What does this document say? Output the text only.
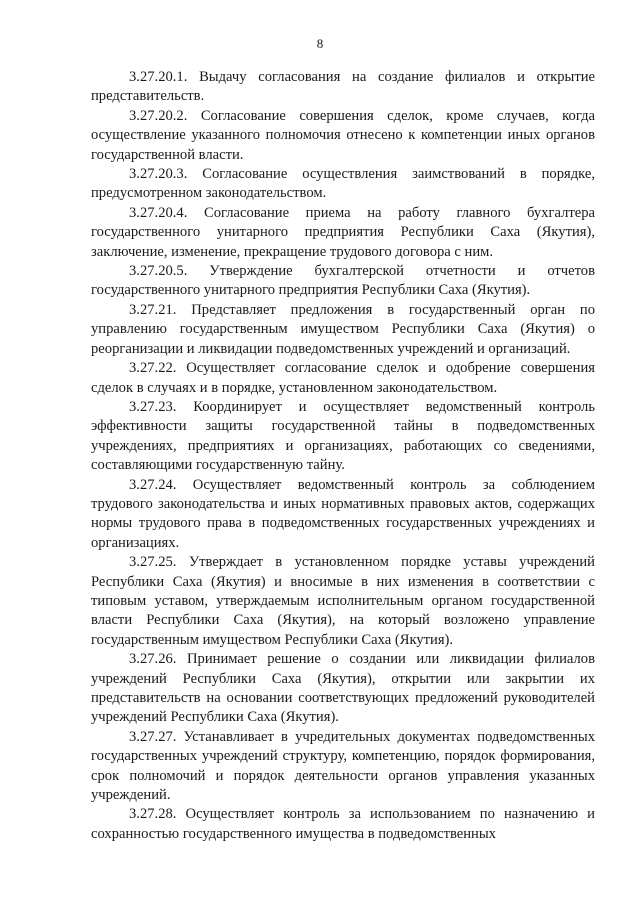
8

3.27.20.1. Выдачу согласования на создание филиалов и открытие представительств.

3.27.20.2. Согласование совершения сделок, кроме случаев, когда осуществление указанного полномочия отнесено к компетенции иных органов государственной власти.

3.27.20.3. Согласование осуществления заимствований в порядке, предусмотренном законодательством.

3.27.20.4. Согласование приема на работу главного бухгалтера государственного унитарного предприятия Республики Саха (Якутия), заключение, изменение, прекращение трудового договора с ним.

3.27.20.5. Утверждение бухгалтерской отчетности и отчетов государственного унитарного предприятия Республики Саха (Якутия).

3.27.21. Представляет предложения в государственный орган по управлению государственным имуществом Республики Саха (Якутия) о реорганизации и ликвидации подведомственных учреждений и организаций.

3.27.22. Осуществляет согласование сделок и одобрение совершения сделок в случаях и в порядке, установленном законодательством.

3.27.23. Координирует и осуществляет ведомственный контроль эффективности защиты государственной тайны в подведомственных учреждениях, предприятиях и организациях, работающих со сведениями, составляющими государственную тайну.

3.27.24. Осуществляет ведомственный контроль за соблюдением трудового законодательства и иных нормативных правовых актов, содержащих нормы трудового права в подведомственных государственных учреждениях и организациях.

3.27.25. Утверждает в установленном порядке уставы учреждений Республики Саха (Якутия) и вносимые в них изменения в соответствии с типовым уставом, утверждаемым исполнительным органом государственной власти Республики Саха (Якутия), на который возложено управление государственным имуществом Республики Саха (Якутия).

3.27.26. Принимает решение о создании или ликвидации филиалов учреждений Республики Саха (Якутия), открытии или закрытии их представительств на основании соответствующих предложений руководителей учреждений Республики Саха (Якутия).

3.27.27. Устанавливает в учредительных документах подведомственных государственных учреждений структуру, компетенцию, порядок формирования, срок полномочий и порядок деятельности органов управления указанных учреждений.

3.27.28. Осуществляет контроль за использованием по назначению и сохранностью государственного имущества в подведомственных
